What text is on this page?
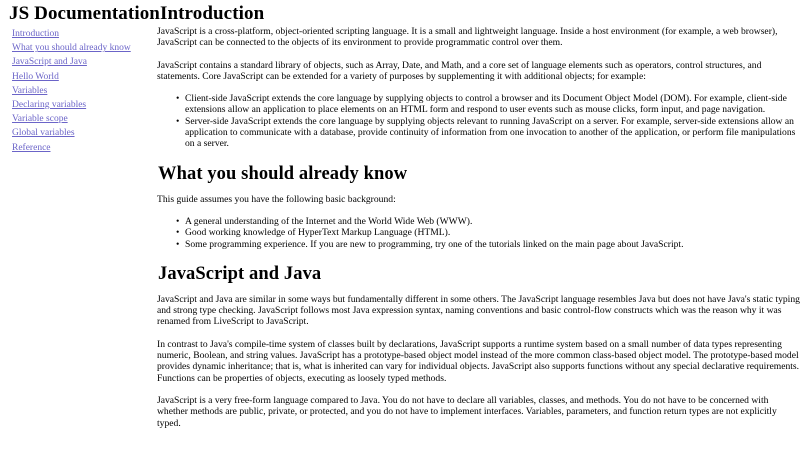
JS DocumentationIntroduction
Introduction
What you should already know
JavaScript and Java
Hello World
Variables
Declaring variables
Variable scope
Global variables
Reference

JavaScript is a cross-platform, object-oriented scripting language. It is a small and lightweight language. Inside a host environment (for example, a web browser), JavaScript can be connected to the objects of its environment to provide programmatic control over them.

JavaScript contains a standard library of objects, such as Array, Date, and Math, and a core set of language elements such as operators, control structures, and statements. Core JavaScript can be extended for a variety of purposes by supplementing it with additional objects; for example:

• Client-side JavaScript extends the core language by supplying objects to control a browser and its Document Object Model (DOM). For example, client-side extensions allow an application to place elements on an HTML form and respond to user events such as mouse clicks, form input, and page navigation.
• Server-side JavaScript extends the core language by supplying objects relevant to running JavaScript on a server. For example, server-side extensions allow an application to communicate with a database, provide continuity of information from one invocation to another of the application, or perform file manipulations on a server.
What you should already know

This guide assumes you have the following basic background:

• A general understanding of the Internet and the World Wide Web (WWW).
• Good working knowledge of HyperText Markup Language (HTML).
• Some programming experience. If you are new to programming, try one of the tutorials linked on the main page about JavaScript.
JavaScript and Java

JavaScript and Java are similar in some ways but fundamentally different in some others. The JavaScript language resembles Java but does not have Java's static typing and strong type checking. JavaScript follows most Java expression syntax, naming conventions and basic control-flow constructs which was the reason why it was renamed from LiveScript to JavaScript.

In contrast to Java's compile-time system of classes built by declarations, JavaScript supports a runtime system based on a small number of data types representing numeric, Boolean, and string values. JavaScript has a prototype-based object model instead of the more common class-based object model. The prototype-based model provides dynamic inheritance; that is, what is inherited can vary for individual objects. JavaScript also supports functions without any special declarative requirements. Functions can be properties of objects, executing as loosely typed methods.

JavaScript is a very free-form language compared to Java. You do not have to declare all variables, classes, and methods. You do not have to be concerned with whether methods are public, private, or protected, and you do not have to implement interfaces. Variables, parameters, and function return types are not explicitly typed.
